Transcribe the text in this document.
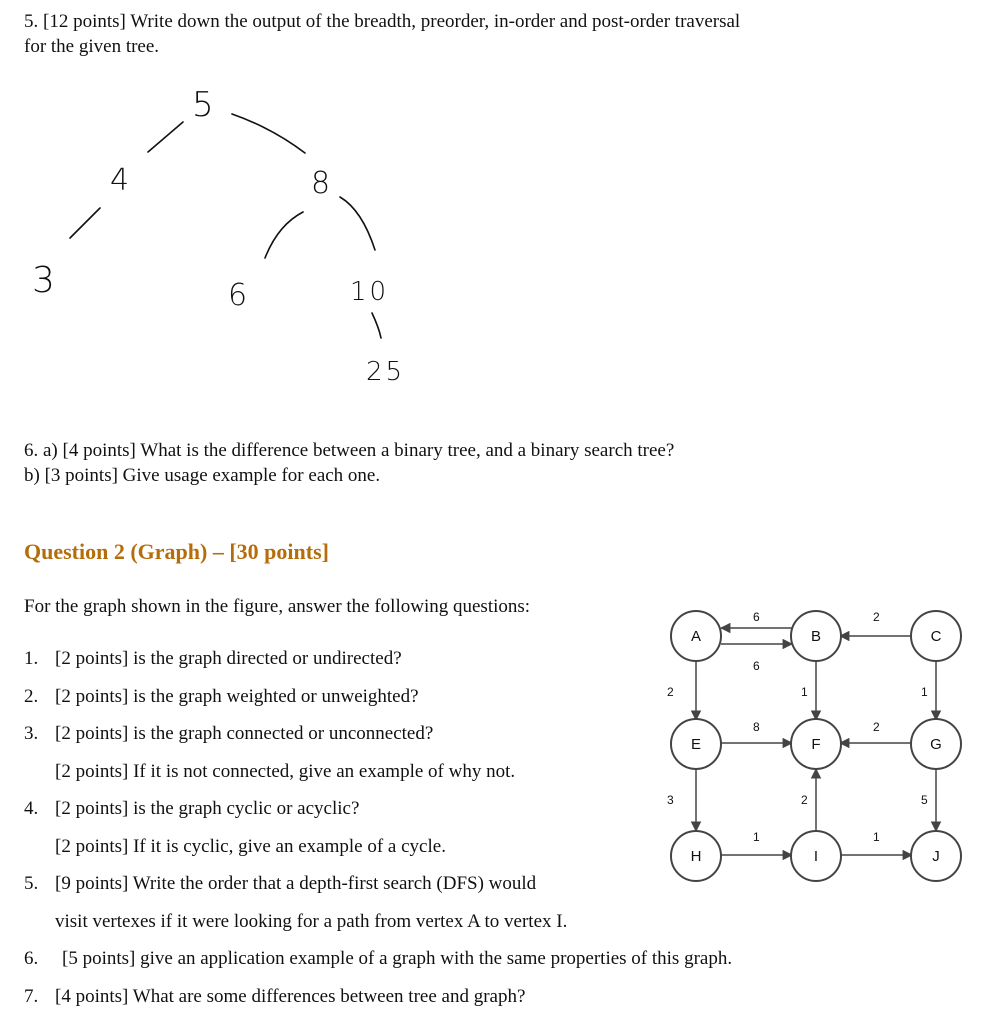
5. [12 points] Write down the output of the breadth, preorder, in-order and post-order traversal
for the given tree.
5
4	8
3	6	10
25
6. a) [4 points] What is the difference between a binary tree, and a binary search tree?
b) [3 points] Give usage example for each one.
Question 2 (Graph) – [30 points]
For the graph shown in the figure, answer the following questions:
1. [2 points] is the graph directed or undirected?
2. [2 points] is the graph weighted or unweighted?
3. [2 points] is the graph connected or unconnected?
[2 points] If it is not connected, give an example of why not.
4. [2 points] is the graph cyclic or acyclic?
[2 points] If it is cyclic, give an example of a cycle.
5. [9 points] Write the order that a depth-first search (DFS) would
visit vertexes if it were looking for a path from vertex A to vertex I.
6. [5 points] give an application example of a graph with the same properties of this graph.
7. [4 points] What are some differences between tree and graph?
6
6
2
2	1	1
8	2
3	2	5
1	1
A	B	C
E	F	G
H	I	J
